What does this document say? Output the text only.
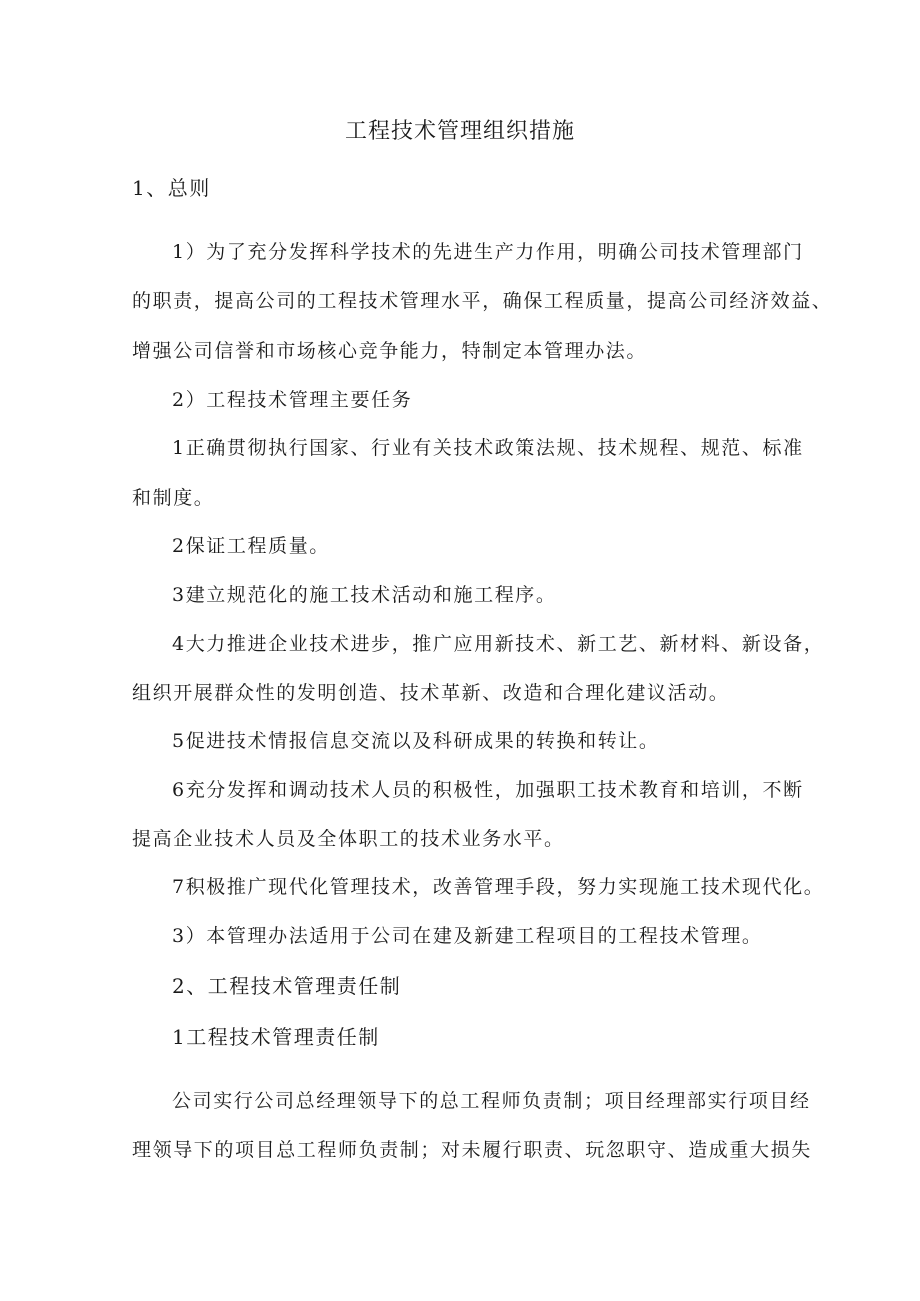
工程技术管理组织措施
1、总则
1）为了充分发挥科学技术的先进生产力作用，明确公司技术管理部门
的职责，提高公司的工程技术管理水平，确保工程质量，提高公司经济效益、
增强公司信誉和市场核心竞争能力，特制定本管理办法。
2）工程技术管理主要任务
1正确贯彻执行国家、行业有关技术政策法规、技术规程、规范、标准
和制度。
2保证工程质量。
3建立规范化的施工技术活动和施工程序。
4大力推进企业技术进步，推广应用新技术、新工艺、新材料、新设备，
组织开展群众性的发明创造、技术革新、改造和合理化建议活动。
5促进技术情报信息交流以及科研成果的转换和转让。
6充分发挥和调动技术人员的积极性，加强职工技术教育和培训，不断
提高企业技术人员及全体职工的技术业务水平。
7积极推广现代化管理技术，改善管理手段，努力实现施工技术现代化。
3）本管理办法适用于公司在建及新建工程项目的工程技术管理。
2、工程技术管理责任制
1工程技术管理责任制
公司实行公司总经理领导下的总工程师负责制；项目经理部实行项目经
理领导下的项目总工程师负责制；对未履行职责、玩忽职守、造成重大损失
